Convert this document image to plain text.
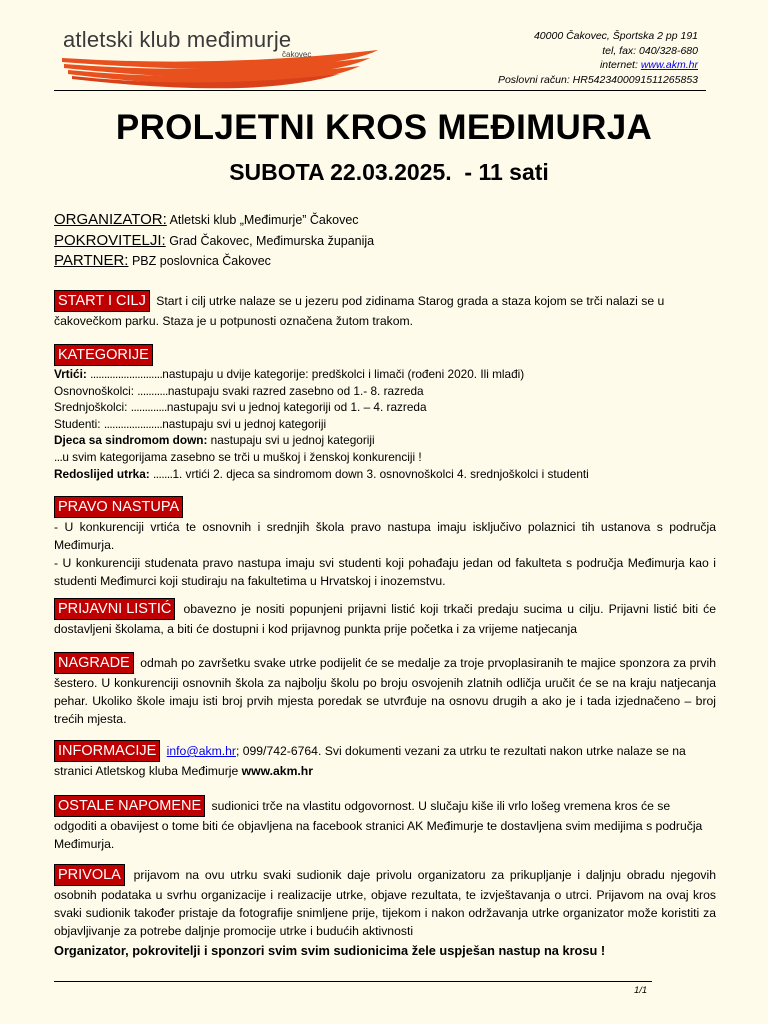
atletski klub međimurje
čakovec
40000 Čakovec, Športska 2 pp 191
tel, fax: 040/328-680
internet: www.akm.hr
Poslovni račun: HR5423400091511265853
PROLJETNI KROS MEĐIMURJA
SUBOTA 22.03.2025.  - 11 sati
ORGANIZATOR: Atletski klub „Međimurje” Čakovec
POKROVITELJI: Grad Čakovec, Međimurska županija
PARTNER: PBZ poslovnica Čakovec
START I CILJ Start i cilj utrke nalaze se u jezeru pod zidinama Starog grada a staza kojom se trči nalazi se u čakovečkom parku. Staza je u potpunosti označena žutom trakom.
KATEGORIJE
Vrtići: ..........................nastupaju u dvije kategorije: predškolci i limači (rođeni 2020. Ili mlađi)
Osnovnoškolci: ...........nastupaju svaki razred zasebno od 1.- 8. razreda
Srednjoškolci: .............nastupaju svi u jednoj kategoriji od 1. – 4. razreda
Studenti: .....................nastupaju svi u jednoj kategoriji
Djeca sa sindromom down: nastupaju svi u jednoj kategoriji
...u svim kategorijama zasebno se trči u muškoj i ženskoj konkurenciji !
Redoslijed utrka: .......1. vrtići 2. djeca sa sindromom down 3. osnovnoškolci 4. srednjoškolci i studenti
PRAVO NASTUPA
- U konkurenciji vrtića te osnovnih i srednjih škola pravo nastupa imaju isključivo polaznici tih ustanova s područja Međimurja.
- U konkurenciji studenata pravo nastupa imaju svi studenti koji pohađaju jedan od fakulteta s područja Međimurja kao i studenti Međimurci koji studiraju na fakultetima u Hrvatskoj i inozemstvu.
PRIJAVNI LISTIĆ obavezno je nositi popunjeni prijavni listić koji trkači predaju sucima u cilju. Prijavni listić biti će dostavljeni školama, a biti će dostupni i kod prijavnog punkta prije početka i za vrijeme natjecanja
NAGRADE odmah po završetku svake utrke podijelit će se medalje za troje prvoplasiranih te majice sponzora za prvih šestero. U konkurenciji osnovnih škola za najbolju školu po broju osvojenih zlatnih odličja uručit će se na kraju natjecanja pehar. Ukoliko škole imaju isti broj prvih mjesta poredak se utvrđuje na osnovu drugih a ako je i tada izjednačeno – broj trećih mjesta.
INFORMACIJE info@akm.hr; 099/742-6764. Svi dokumenti vezani za utrku te rezultati nakon utrke nalaze se na stranici Atletskog kluba Međimurje www.akm.hr
OSTALE NAPOMENE sudionici trče na vlastitu odgovornost. U slučaju kiše ili vrlo lošeg vremena kros će se odgoditi a obavijest o tome biti će objavljena na facebook stranici AK Međimurje te dostavljena svim medijima s područja Međimurja.
PRIVOLA prijavom na ovu utrku svaki sudionik daje privolu organizatoru za prikupljanje i daljnju obradu njegovih osobnih podataka u svrhu organizacije i realizacije utrke, objave rezultata, te izvještavanja o utrci. Prijavom na ovaj kros svaki sudionik također pristaje da fotografije snimljene prije, tijekom i nakon održavanja utrke organizator može koristiti za objavljivanje za potrebe daljnje promocije utrke i budućih aktivnosti
Organizator, pokrovitelji i sponzori svim svim sudionicima žele uspješan nastup na krosu !
1/1
